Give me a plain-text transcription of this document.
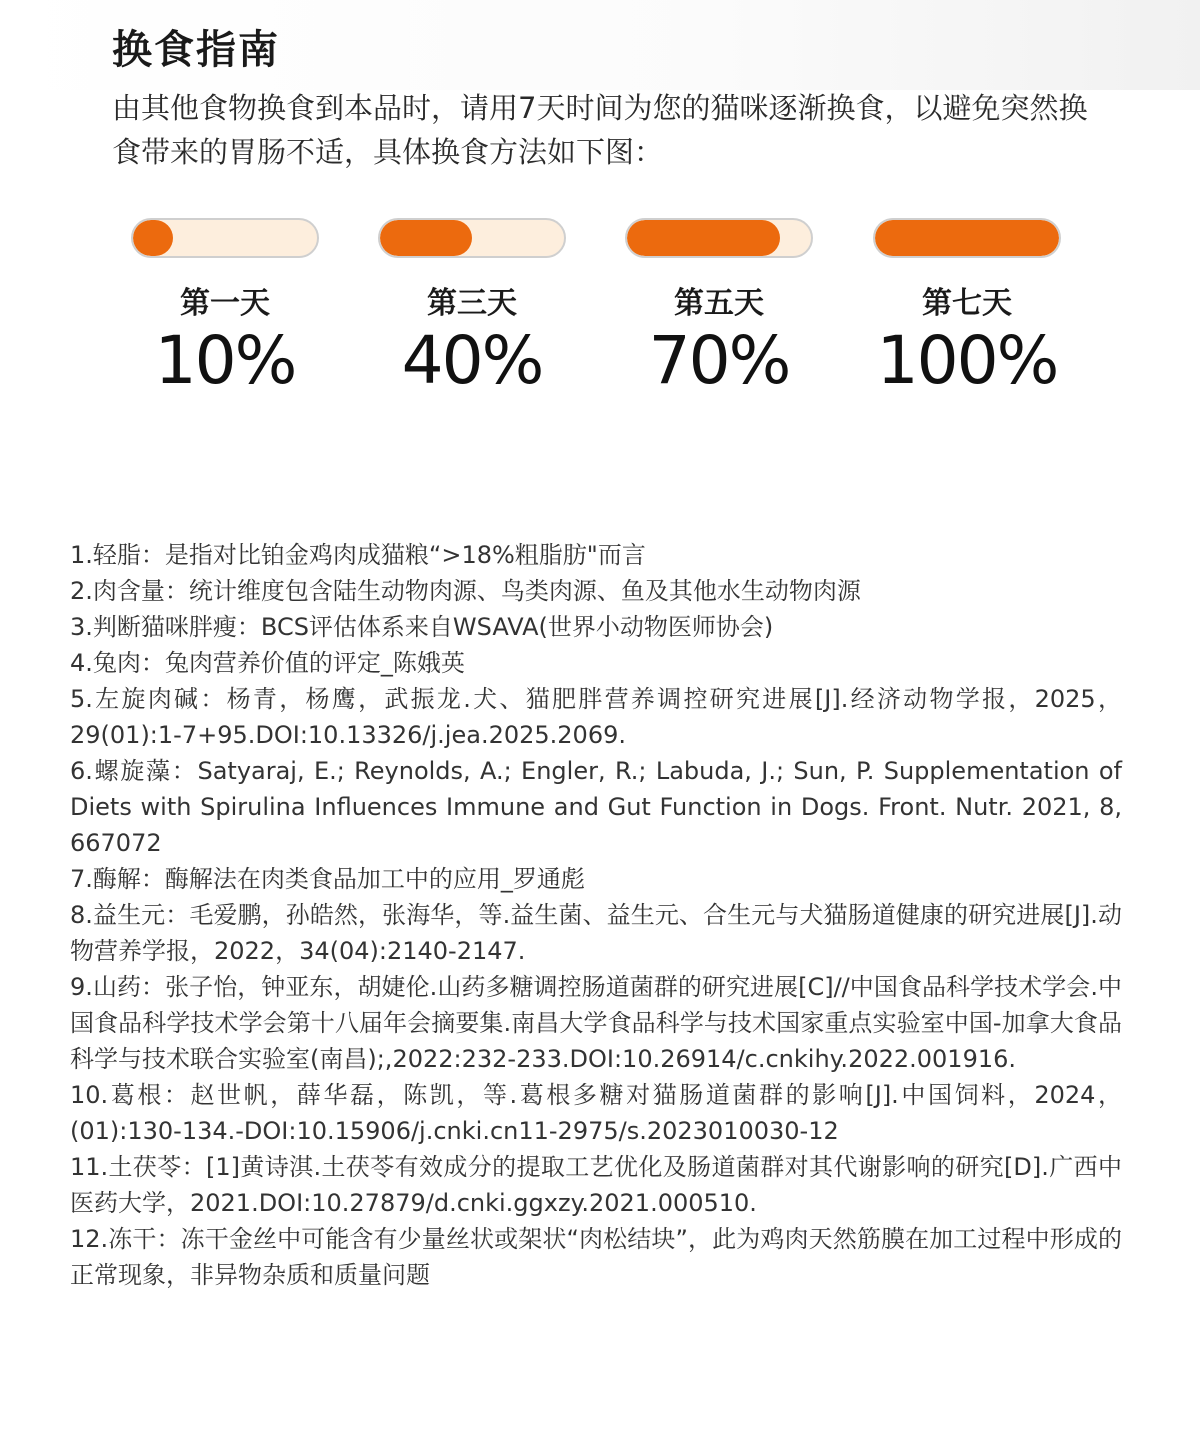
换食指南

由其他食物换食到本品时，请用7天时间为您的猫咪逐渐换食，以避免突然换食带来的胃肠不适，具体换食方法如下图：

第一天
10%
第三天
40%
第五天
70%
第七天
100%

1.轻脂：是指对比铂金鸡肉成猫粮“>18%粗脂肪"而言

2.肉含量：统计维度包含陆生动物肉源、鸟类肉源、鱼及其他水生动物肉源

3.判断猫咪胖瘦：BCS评估体系来自WSAVA(世界小动物医师协会)

4.兔肉：兔肉营养价值的评定_陈娥英

5.左旋肉碱：杨青，杨鹰，武振龙.犬、猫肥胖营养调控研究进展[J].经济动物学报，2025，29(01):1-7+95.DOI:10.13326/j.jea.2025.2069.

6.螺旋藻：Satyaraj, E.; Reynolds, A.; Engler, R.; Labuda, J.; Sun, P. Supplementation of Diets with Spirulina Influences Immune and Gut Function in Dogs. Front. Nutr. 2021, 8, 667072

7.酶解：酶解法在肉类食品加工中的应用_罗通彪

8.益生元：毛爱鹏，孙皓然，张海华，等.益生菌、益生元、合生元与犬猫肠道健康的研究进展[J].动物营养学报，2022，34(04):2140-2147.

9.山药：张子怡，钟亚东，胡婕伦.山药多糖调控肠道菌群的研究进展[C]//中国食品科学技术学会.中国食品科学技术学会第十八届年会摘要集.南昌大学食品科学与技术国家重点实验室中国-加拿大食品科学与技术联合实验室(南昌);,2022:232-233.DOI:10.26914/c.cnkihy.2022.001916.

10.葛根：赵世帆，薛华磊，陈凯，等.葛根多糖对猫肠道菌群的影响[J].中国饲料，2024，(01):130-134.-DOI:10.15906/j.cnki.cn11-2975/s.2023010030-12

11.土茯苓：[1]黄诗淇.土茯苓有效成分的提取工艺优化及肠道菌群对其代谢影响的研究[D].广西中医药大学，2021.DOI:10.27879/d.cnki.ggxzy.2021.000510.

12.冻干：冻干金丝中可能含有少量丝状或架状“肉松结块”，此为鸡肉天然筋膜在加工过程中形成的正常现象，非异物杂质和质量问题
